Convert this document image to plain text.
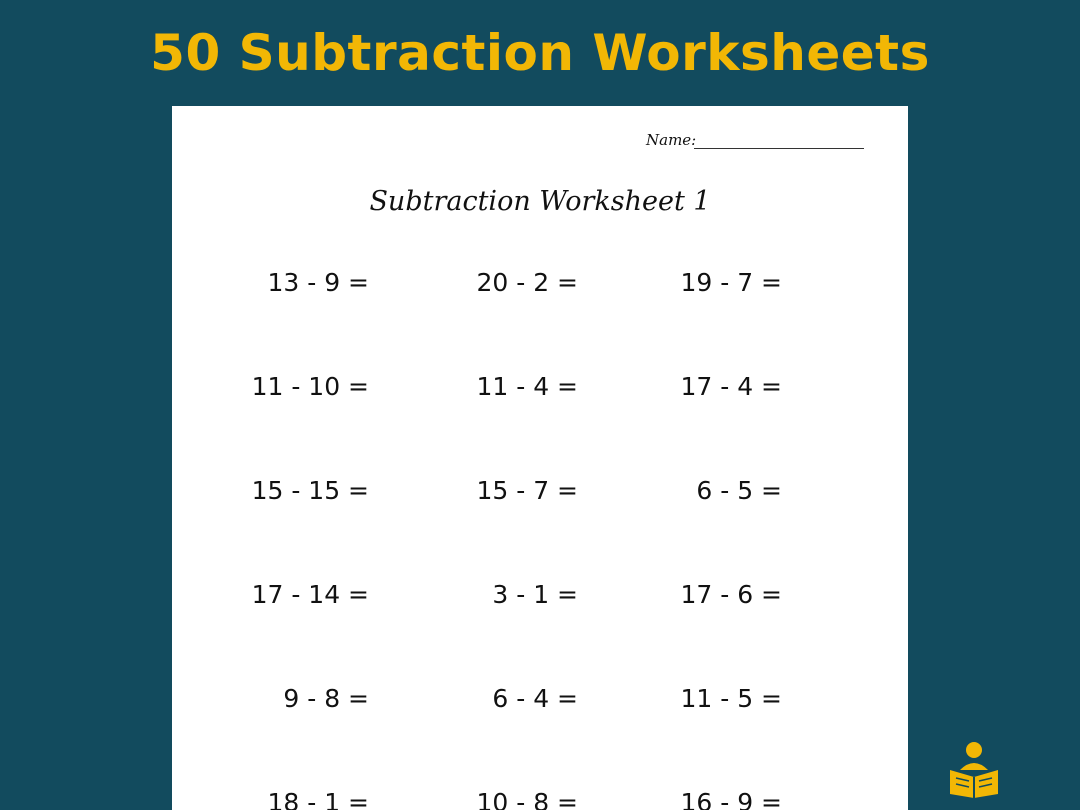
50 Subtraction Worksheets
Name:
Subtraction Worksheet 1
13 - 9 =	20 - 2 =	19 - 7 =
11 - 10 =	11 - 4 =	17 - 4 =
15 - 15 =	15 - 7 =	6 - 5 =
17 - 14 =	3 - 1 =	17 - 6 =
9 - 8 =	6 - 4 =	11 - 5 =
18 - 1 =	10 - 8 =	16 - 9 =
